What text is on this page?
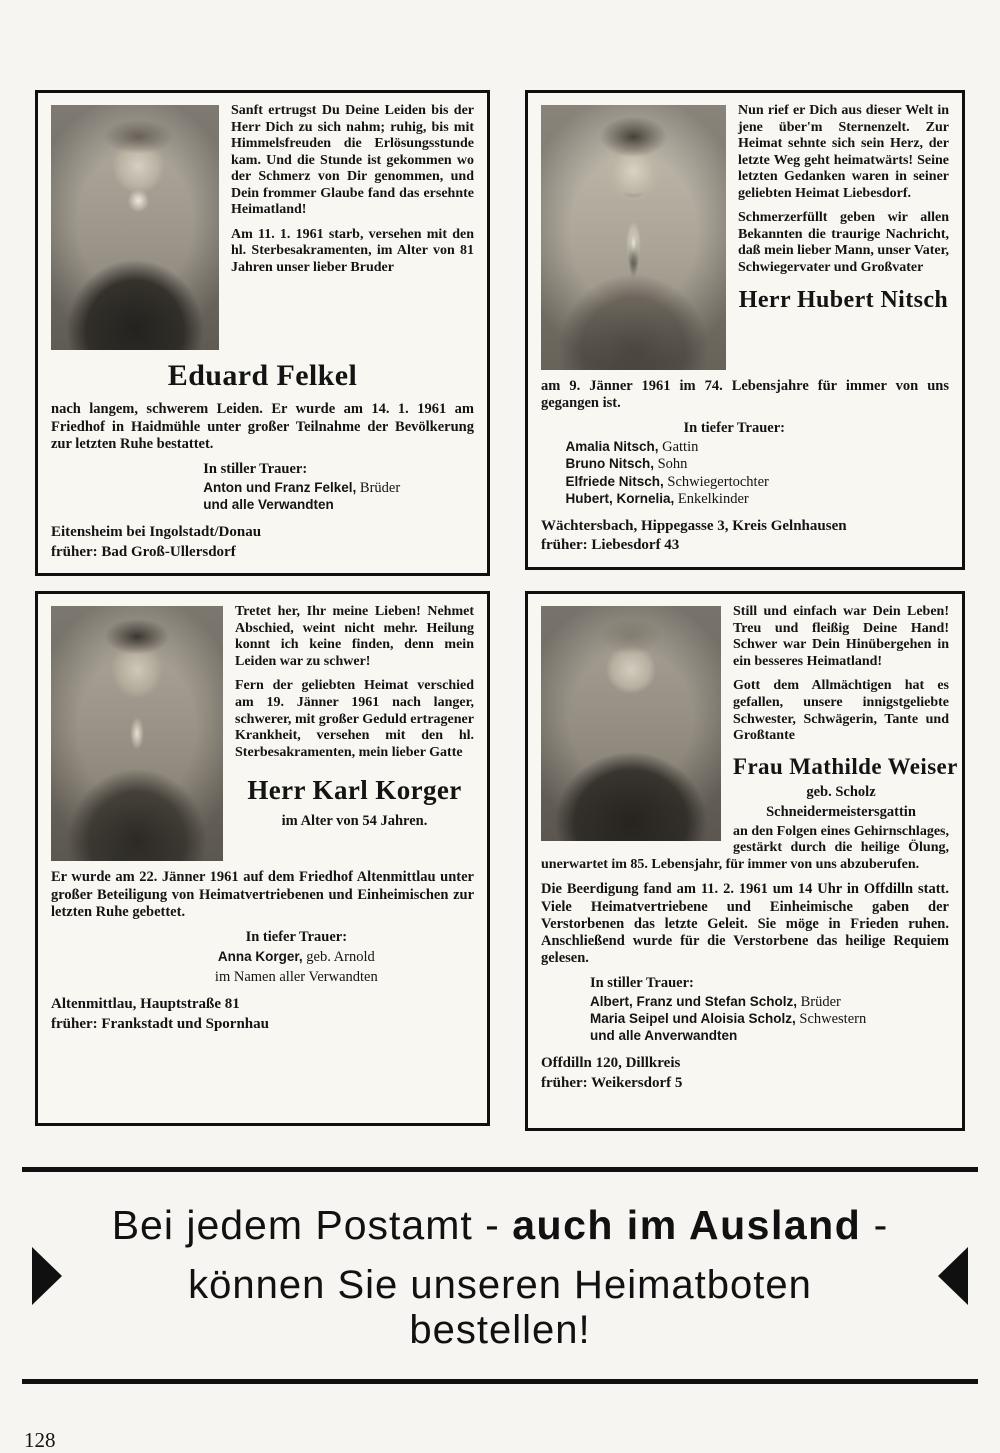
Sanft ertrugst Du Deine Leiden bis der Herr Dich zu sich nahm; ruhig, bis mit Himmelsfreuden die Erlösungsstunde kam. Und die Stunde ist gekommen wo der Schmerz von Dir genommen, und Dein frommer Glaube fand das ersehnte Heimatland!

Am 11. 1. 1961 starb, versehen mit den hl. Sterbesakramenten, im Alter von 81 Jahren unser lieber Bruder

Eduard Felkel

nach langem, schwerem Leiden. Er wurde am 14. 1. 1961 am Friedhof in Haidmühle unter großer Teilnahme der Bevölkerung zur letzten Ruhe bestattet.

In stiller Trauer:

Anton und Franz Felkel, Brüder

und alle Verwandten

Eitensheim bei Ingolstadt/Donau

früher: Bad Groß-Ullersdorf

Nun rief er Dich aus dieser Welt in jene über'm Sternenzelt. Zur Heimat sehnte sich sein Herz, der letzte Weg geht heimatwärts! Seine letzten Gedanken waren in seiner geliebten Heimat Liebesdorf.

Schmerzerfüllt geben wir allen Bekannten die traurige Nachricht, daß mein lieber Mann, unser Vater, Schwiegervater und Großvater

Herr Hubert Nitsch

am 9. Jänner 1961 im 74. Lebensjahre für immer von uns gegangen ist.

In tiefer Trauer:

Amalia Nitsch, Gattin

Bruno Nitsch, Sohn

Elfriede Nitsch, Schwiegertochter

Hubert, Kornelia, Enkelkinder

Wächtersbach, Hippegasse 3, Kreis Gelnhausen

früher: Liebesdorf 43

Tretet her, Ihr meine Lieben! Nehmet Abschied, weint nicht mehr. Heilung konnt ich keine finden, denn mein Leiden war zu schwer!

Fern der geliebten Heimat verschied am 19. Jänner 1961 nach langer, schwerer, mit großer Geduld ertragener Krankheit, versehen mit den hl. Sterbesakramenten, mein lieber Gatte

Herr Karl Korger

im Alter von 54 Jahren.

Er wurde am 22. Jänner 1961 auf dem Friedhof Altenmittlau unter großer Beteiligung von Heimatvertriebenen und Einheimischen zur letzten Ruhe gebettet.

In tiefer Trauer:

Anna Korger, geb. Arnold

im Namen aller Verwandten

Altenmittlau, Hauptstraße 81

früher: Frankstadt und Spornhau

Still und einfach war Dein Leben! Treu und fleißig Deine Hand! Schwer war Dein Hinübergehen in ein besseres Heimatland!

Gott dem Allmächtigen hat es gefallen, unsere innigstgeliebte Schwester, Schwägerin, Tante und Großtante

Frau Mathilde Weiser

geb. Scholz

Schneidermeistersgattin

an den Folgen eines Gehirnschlages, gestärkt durch die heilige Ölung, unerwartet im 85. Lebensjahr, für immer von uns abzuberufen.

Die Beerdigung fand am 11. 2. 1961 um 14 Uhr in Offdilln statt. Viele Heimatvertriebene und Einheimische gaben der Verstorbenen das letzte Geleit. Sie möge in Frieden ruhen. Anschließend wurde für die Verstorbene das heilige Requiem gelesen.

In stiller Trauer:

Albert, Franz und Stefan Scholz, Brüder

Maria Seipel und Aloisia Scholz, Schwestern

und alle Anverwandten

Offdilln 120, Dillkreis

früher: Weikersdorf 5

Bei jedem Postamt - auch im Ausland -

können Sie unseren Heimatboten bestellen!

128
